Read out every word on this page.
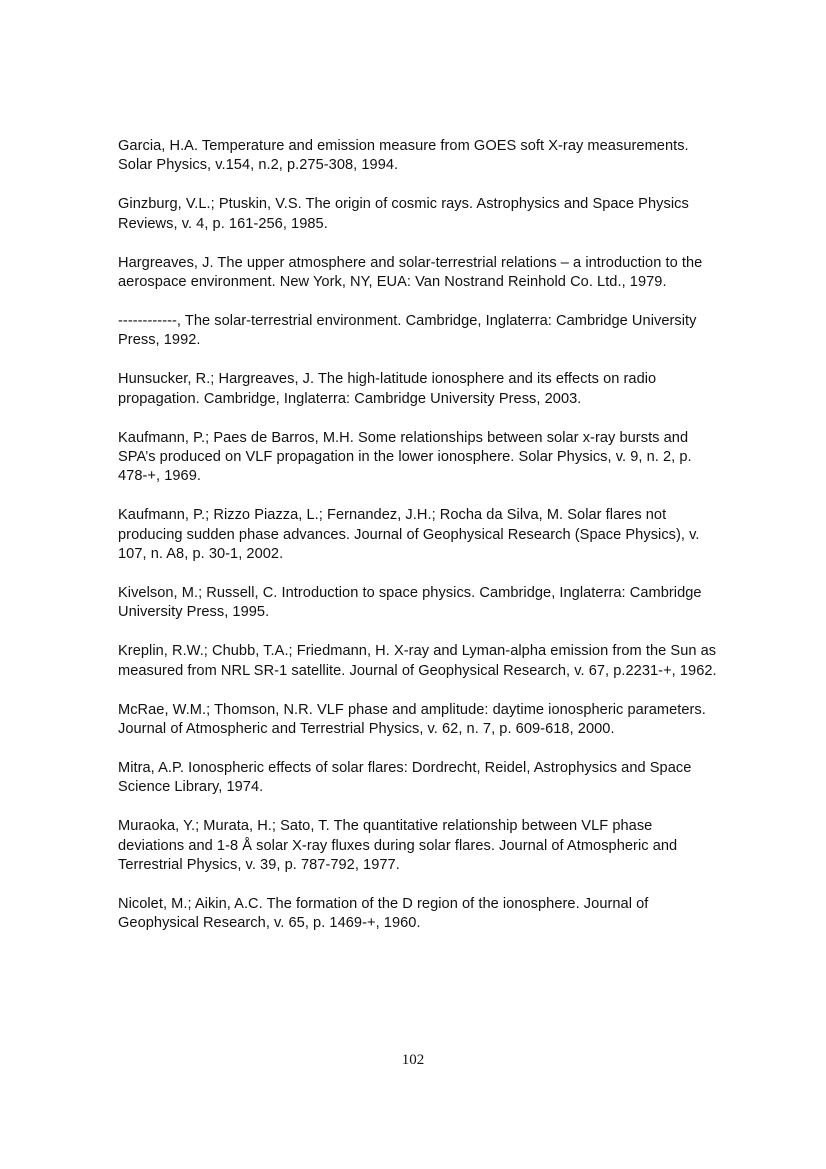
Garcia, H.A. Temperature and emission measure from GOES soft X-ray measurements. Solar Physics, v.154, n.2, p.275-308, 1994.
Ginzburg, V.L.; Ptuskin, V.S. The origin of cosmic rays. Astrophysics and Space Physics Reviews, v. 4, p. 161-256, 1985.
Hargreaves, J. The upper atmosphere and solar-terrestrial relations – a introduction to the aerospace environment. New York, NY, EUA: Van Nostrand Reinhold Co. Ltd., 1979.
------------, The solar-terrestrial environment. Cambridge, Inglaterra: Cambridge University Press, 1992.
Hunsucker, R.; Hargreaves, J. The high-latitude ionosphere and its effects on radio propagation. Cambridge, Inglaterra: Cambridge University Press, 2003.
Kaufmann, P.; Paes de Barros, M.H. Some relationships between solar x-ray bursts and SPA’s produced on VLF propagation in the lower ionosphere. Solar Physics, v. 9, n. 2, p. 478-+, 1969.
Kaufmann, P.; Rizzo Piazza, L.; Fernandez, J.H.; Rocha da Silva, M. Solar flares not producing sudden phase advances. Journal of Geophysical Research (Space Physics), v. 107, n. A8, p. 30-1, 2002.
Kivelson, M.; Russell, C. Introduction to space physics. Cambridge, Inglaterra: Cambridge University Press, 1995.
Kreplin, R.W.; Chubb, T.A.; Friedmann, H. X-ray and Lyman-alpha emission from the Sun as measured from NRL SR-1 satellite. Journal of Geophysical Research, v. 67, p.2231-+, 1962.
McRae, W.M.; Thomson, N.R. VLF phase and amplitude: daytime ionospheric parameters. Journal of Atmospheric and Terrestrial Physics, v. 62, n. 7, p. 609-618, 2000.
Mitra, A.P. Ionospheric effects of solar flares: Dordrecht, Reidel, Astrophysics and Space Science Library, 1974.
Muraoka, Y.; Murata, H.; Sato, T. The quantitative relationship between VLF phase deviations and 1-8 Å solar X-ray fluxes during solar flares. Journal of Atmospheric and Terrestrial Physics, v. 39, p. 787-792, 1977.
Nicolet, M.; Aikin, A.C. The formation of the D region of the ionosphere. Journal of Geophysical Research, v. 65, p. 1469-+, 1960.
102
